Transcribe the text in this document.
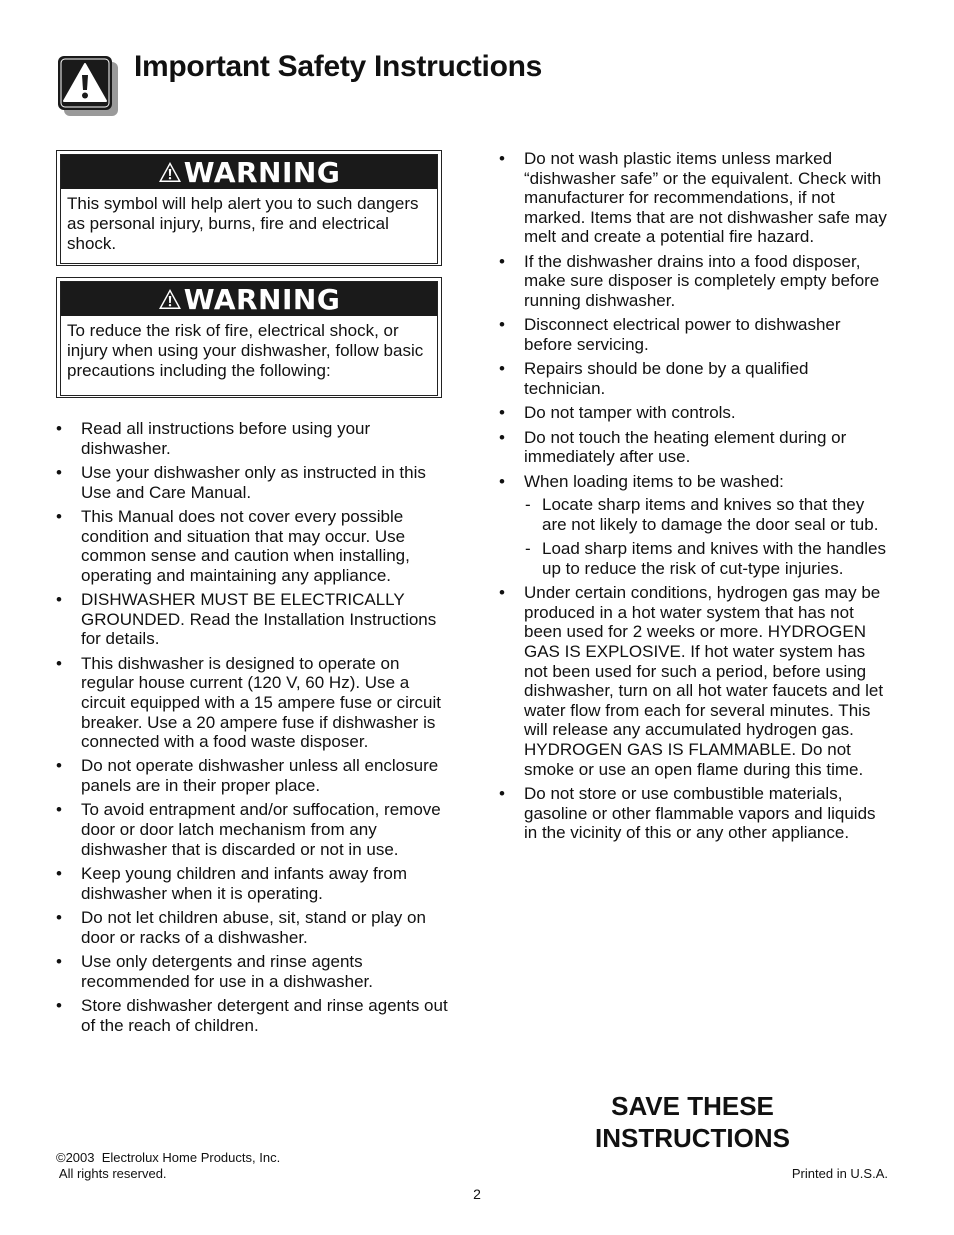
Important Safety Instructions
WARNING
This symbol will help alert you to such dangers as personal injury, burns, fire and electrical shock.
WARNING
To reduce the risk of fire, electrical shock, or injury when using your dishwasher, follow basic precautions including the following:
• Read all instructions before using your dishwasher.
• Use your dishwasher only as instructed in this Use and Care Manual.
• This Manual does not cover every possible condition and situation that may occur. Use common sense and caution when installing, operating and maintaining any appliance.
• DISHWASHER MUST BE ELECTRICALLY GROUNDED. Read the Installation Instructions for details.
• This dishwasher is designed to operate on regular house current (120 V, 60 Hz). Use a circuit equipped with a 15 ampere fuse or circuit breaker. Use a 20 ampere fuse if dishwasher is connected with a food waste disposer.
• Do not operate dishwasher unless all enclosure panels are in their proper place.
• To avoid entrapment and/or suffocation, remove door or door latch mechanism from any dishwasher that is discarded or not in use.
• Keep young children and infants away from dishwasher when it is operating.
• Do not let children abuse, sit, stand or play on door or racks of a dishwasher.
• Use only detergents and rinse agents recommended for use in a dishwasher.
• Store dishwasher detergent and rinse agents out of the reach of children.
• Do not wash plastic items unless marked “dishwasher safe” or the equivalent. Check with manufacturer for recommendations, if not marked. Items that are not dishwasher safe may melt and create a potential fire hazard.
• If the dishwasher drains into a food disposer, make sure disposer is completely empty before running dishwasher.
• Disconnect electrical power to dishwasher before servicing.
• Repairs should be done by a qualified technician.
• Do not tamper with controls.
• Do not touch the heating element during or immediately after use.
• When loading items to be washed:
- Locate sharp items and knives so that they are not likely to damage the door seal or tub.
- Load sharp items and knives with the handles up to reduce the risk of cut-type injuries.
• Under certain conditions, hydrogen gas may be produced in a hot water system that has not been used for 2 weeks or more. HYDROGEN GAS IS EXPLOSIVE. If hot water system has not been used for such a period, before using dishwasher, turn on all hot water faucets and let water flow from each for several minutes. This will release any accumulated hydrogen gas. HYDROGEN GAS IS FLAMMABLE. Do not smoke or use an open flame during this time.
• Do not store or use combustible materials, gasoline or other flammable vapors and liquids in the vicinity of this or any other appliance.
SAVE THESE
INSTRUCTIONS
©2003  Electrolux Home Products, Inc.
All rights reserved.	Printed in U.S.A.
2
